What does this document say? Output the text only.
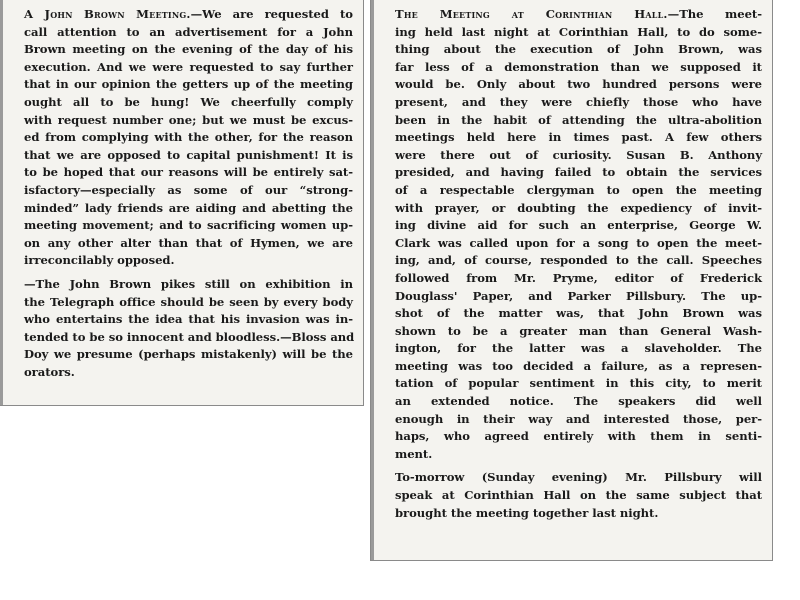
A John Brown Meeting.—We are requested to
call attention to an advertisement for a John
Brown meeting on the evening of the day of his
execution. And we were requested to say further
that in our opinion the getters up of the meeting
ought all to be hung! We cheerfully comply
with request number one; but we must be excus-
ed from complying with the other, for the reason
that we are opposed to capital punishment! It is
to be hoped that our reasons will be entirely sat-
isfactory—especially as some of our “strong-
minded” lady friends are aiding and abetting the
meeting movement; and to sacrificing women up-
on any other alter than that of Hymen, we are
irreconcilably opposed.

—The John Brown pikes still on exhibition in
the Telegraph office should be seen by every body
who entertains the idea that his invasion was in-
tended to be so innocent and bloodless.—Bloss and
Doy we presume (perhaps mistakenly) will be the
orators.

The Meeting at Corinthian Hall.—The meet-
ing held last night at Corinthian Hall, to do some-
thing about the execution of John Brown, was
far less of a demonstration than we supposed it
would be. Only about two hundred persons were
present, and they were chiefly those who have
been in the habit of attending the ultra-abolition
meetings held here in times past. A few others
were there out of curiosity. Susan B. Anthony
presided, and having failed to obtain the services
of a respectable clergyman to open the meeting
with prayer, or doubting the expediency of invit-
ing divine aid for such an enterprise, George W.
Clark was called upon for a song to open the meet-
ing, and, of course, responded to the call. Speeches
followed from Mr. Pryme, editor of Frederick
Douglass' Paper, and Parker Pillsbury. The up-
shot of the matter was, that John Brown was
shown to be a greater man than General Wash-
ington, for the latter was a slaveholder. The
meeting was too decided a failure, as a represen-
tation of popular sentiment in this city, to merit
an extended notice. The speakers did well
enough in their way and interested those, per-
haps, who agreed entirely with them in senti-
ment.

To-morrow (Sunday evening) Mr. Pillsbury will
speak at Corinthian Hall on the same subject that
brought the meeting together last night.
